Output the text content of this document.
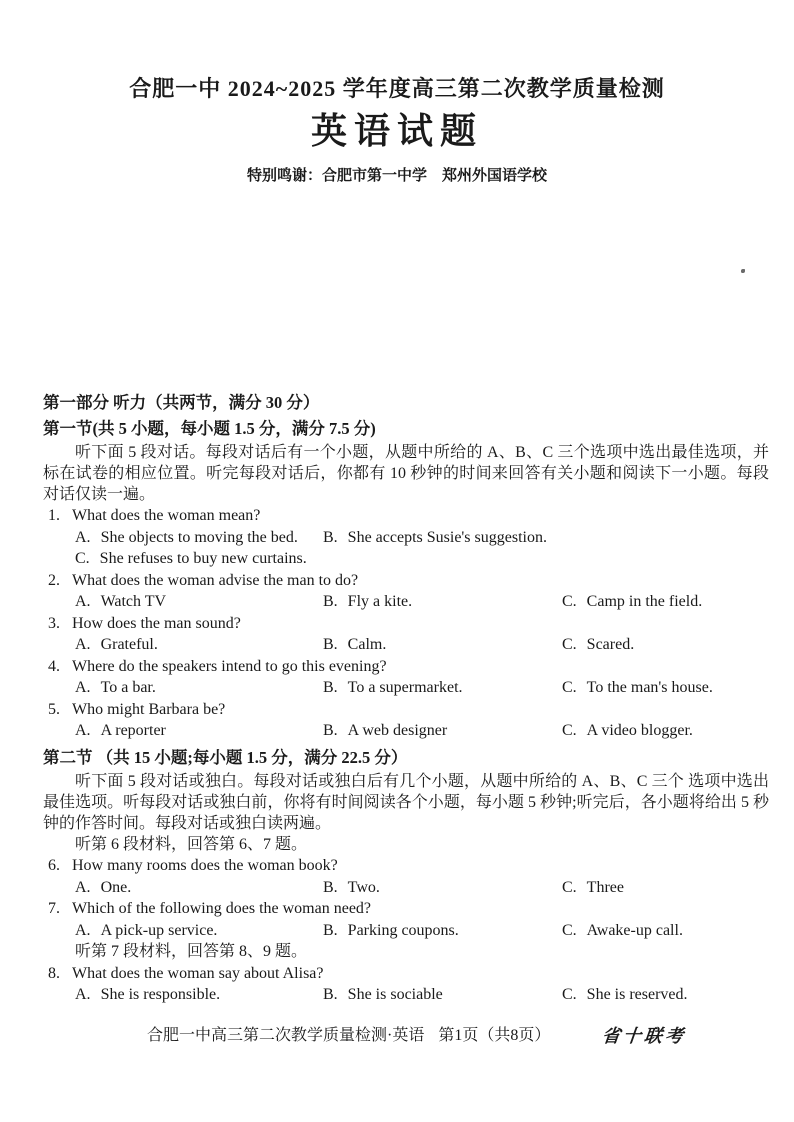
合肥一中 2024~2025 学年度高三第二次教学质量检测
英语试题
特别鸣谢：合肥市第一中学　郑州外国语学校
第一部分 听力（共两节，满分 30 分）
第一节(共 5 小题，每小题 1.5 分，满分 7.5 分)

听下面 5 段对话。每段对话后有一个小题，从题中所给的 A、B、C 三个选项中选出最佳选项，并标在试卷的相应位置。听完每段对话后，你都有 10 秒钟的时间来回答有关小题和阅读下一小题。每段对话仅读一遍。

1. What does the woman mean?
A. She objects to moving the bed.	B. She accepts Susie's suggestion.
C. She refuses to buy new curtains.
2. What does the woman advise the man to do?
A. Watch TV	B. Fly a kite.	C. Camp in the field.
3. How does the man sound?
A. Grateful.	B. Calm.	C. Scared.
4. Where do the speakers intend to go this evening?
A. To a bar.	B. To a supermarket.	C. To the man's house.
5. Who might Barbara be?
A. A reporter	B. A web designer	C. A video blogger.
第二节 （共 15 小题;每小题 1.5 分，满分 22.5 分）

听下面 5 段对话或独白。每段对话或独白后有几个小题，从题中所给的 A、B、C 三个 选项中选出最佳选项。听每段对话或独白前，你将有时间阅读各个小题，每小题 5 秒钟;听完后，各小题将给出 5 秒钟的作答时间。每段对话或独白读两遍。

听第 6 段材料，回答第 6、7 题。
6. How many rooms does the woman book?
A. One.	B. Two.	C. Three
7. Which of the following does the woman need?
A. A pick-up service.	B. Parking coupons.	C. Awake-up call.
听第 7 段材料，回答第 8、9 题。
8. What does the woman say about Alisa?
A. She is responsible.	B. She is sociable	C. She is reserved.
合肥一中高三第二次教学质量检测·英语 第1页（共8页）	省十联考
